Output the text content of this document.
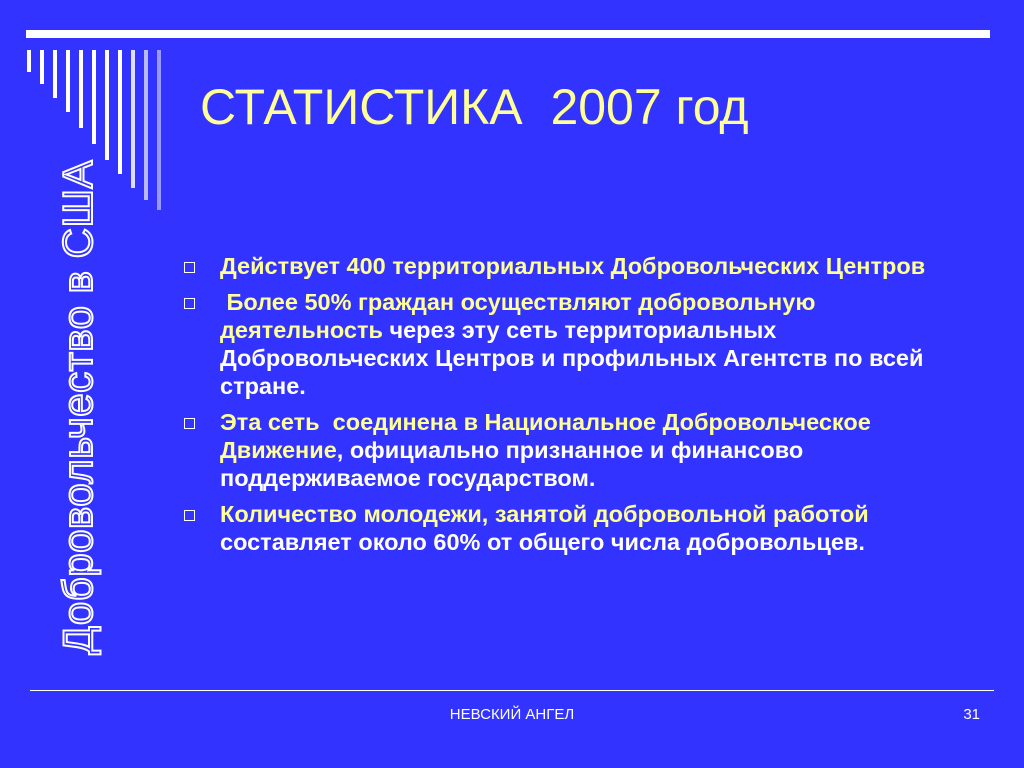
Добровольчество в США
СТАТИСТИКА  2007 год
Действует 400 территориальных Добровольческих Центров
Более 50% граждан осуществляют добровольную деятельность через эту сеть территориальных Добровольческих Центров и профильных Агентств по всей стране.
Эта сеть  соединена в Национальное Добровольческое Движение, официально признанное и финансово поддерживаемое государством.
Количество молодежи, занятой добровольной работой  составляет около 60% от общего числа добровольцев.
НЕВСКИЙ АНГЕЛ	31
